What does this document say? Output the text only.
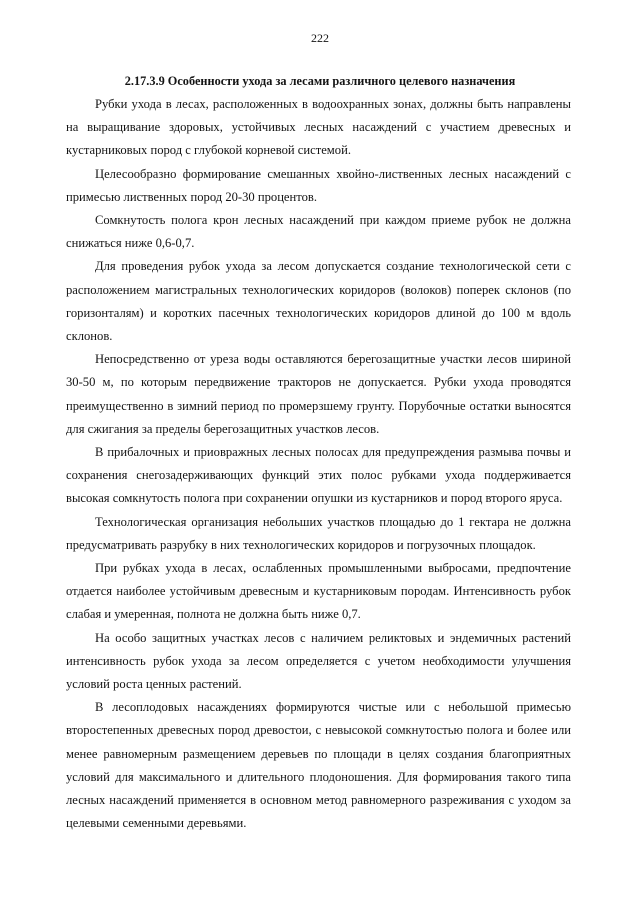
222
2.17.3.9 Особенности ухода за лесами различного целевого назначения

Рубки ухода в лесах, расположенных в водоохранных зонах, должны быть направлены на выращивание здоровых, устойчивых лесных насаждений с участием древесных и кустарниковых пород с глубокой корневой системой.

Целесообразно формирование смешанных хвойно-лиственных лесных насаждений с примесью лиственных пород 20-30 процентов.

Сомкнутость полога крон лесных насаждений при каждом приеме рубок не должна снижаться ниже 0,6-0,7.

Для проведения рубок ухода за лесом допускается создание технологической сети с расположением магистральных технологических коридоров (волоков) поперек склонов (по горизонталям) и коротких пасечных технологических коридоров длиной до 100 м вдоль склонов.

Непосредственно от уреза воды оставляются берегозащитные участки лесов шириной 30-50 м, по которым передвижение тракторов не допускается. Рубки ухода проводятся преимущественно в зимний период по промерзшему грунту. Порубочные остатки выносятся для сжигания за пределы берегозащитных участков лесов.

В прибалочных и приовражных лесных полосах для предупреждения размыва почвы и сохранения снегозадерживающих функций этих полос рубками ухода поддерживается высокая сомкнутость полога при сохранении опушки из кустарников и пород второго яруса.

Технологическая организация небольших участков площадью до 1 гектара не должна предусматривать разрубку в них технологических коридоров и погрузочных площадок.

При рубках ухода в лесах, ослабленных промышленными выбросами, предпочтение отдается наиболее устойчивым древесным и кустарниковым породам. Интенсивность рубок слабая и умеренная, полнота не должна быть ниже 0,7.

На особо защитных участках лесов с наличием реликтовых и эндемичных растений интенсивность рубок ухода за лесом определяется с учетом необходимости улучшения условий роста ценных растений.

В лесоплодовых насаждениях формируются чистые или с небольшой примесью второстепенных древесных пород древостои, с невысокой сомкнутостью полога и более или менее равномерным размещением деревьев по площади в целях создания благоприятных условий для максимального и длительного плодоношения. Для формирования такого типа лесных насаждений применяется в основном метод равномерного разреживания с уходом за целевыми семенными деревьями.
